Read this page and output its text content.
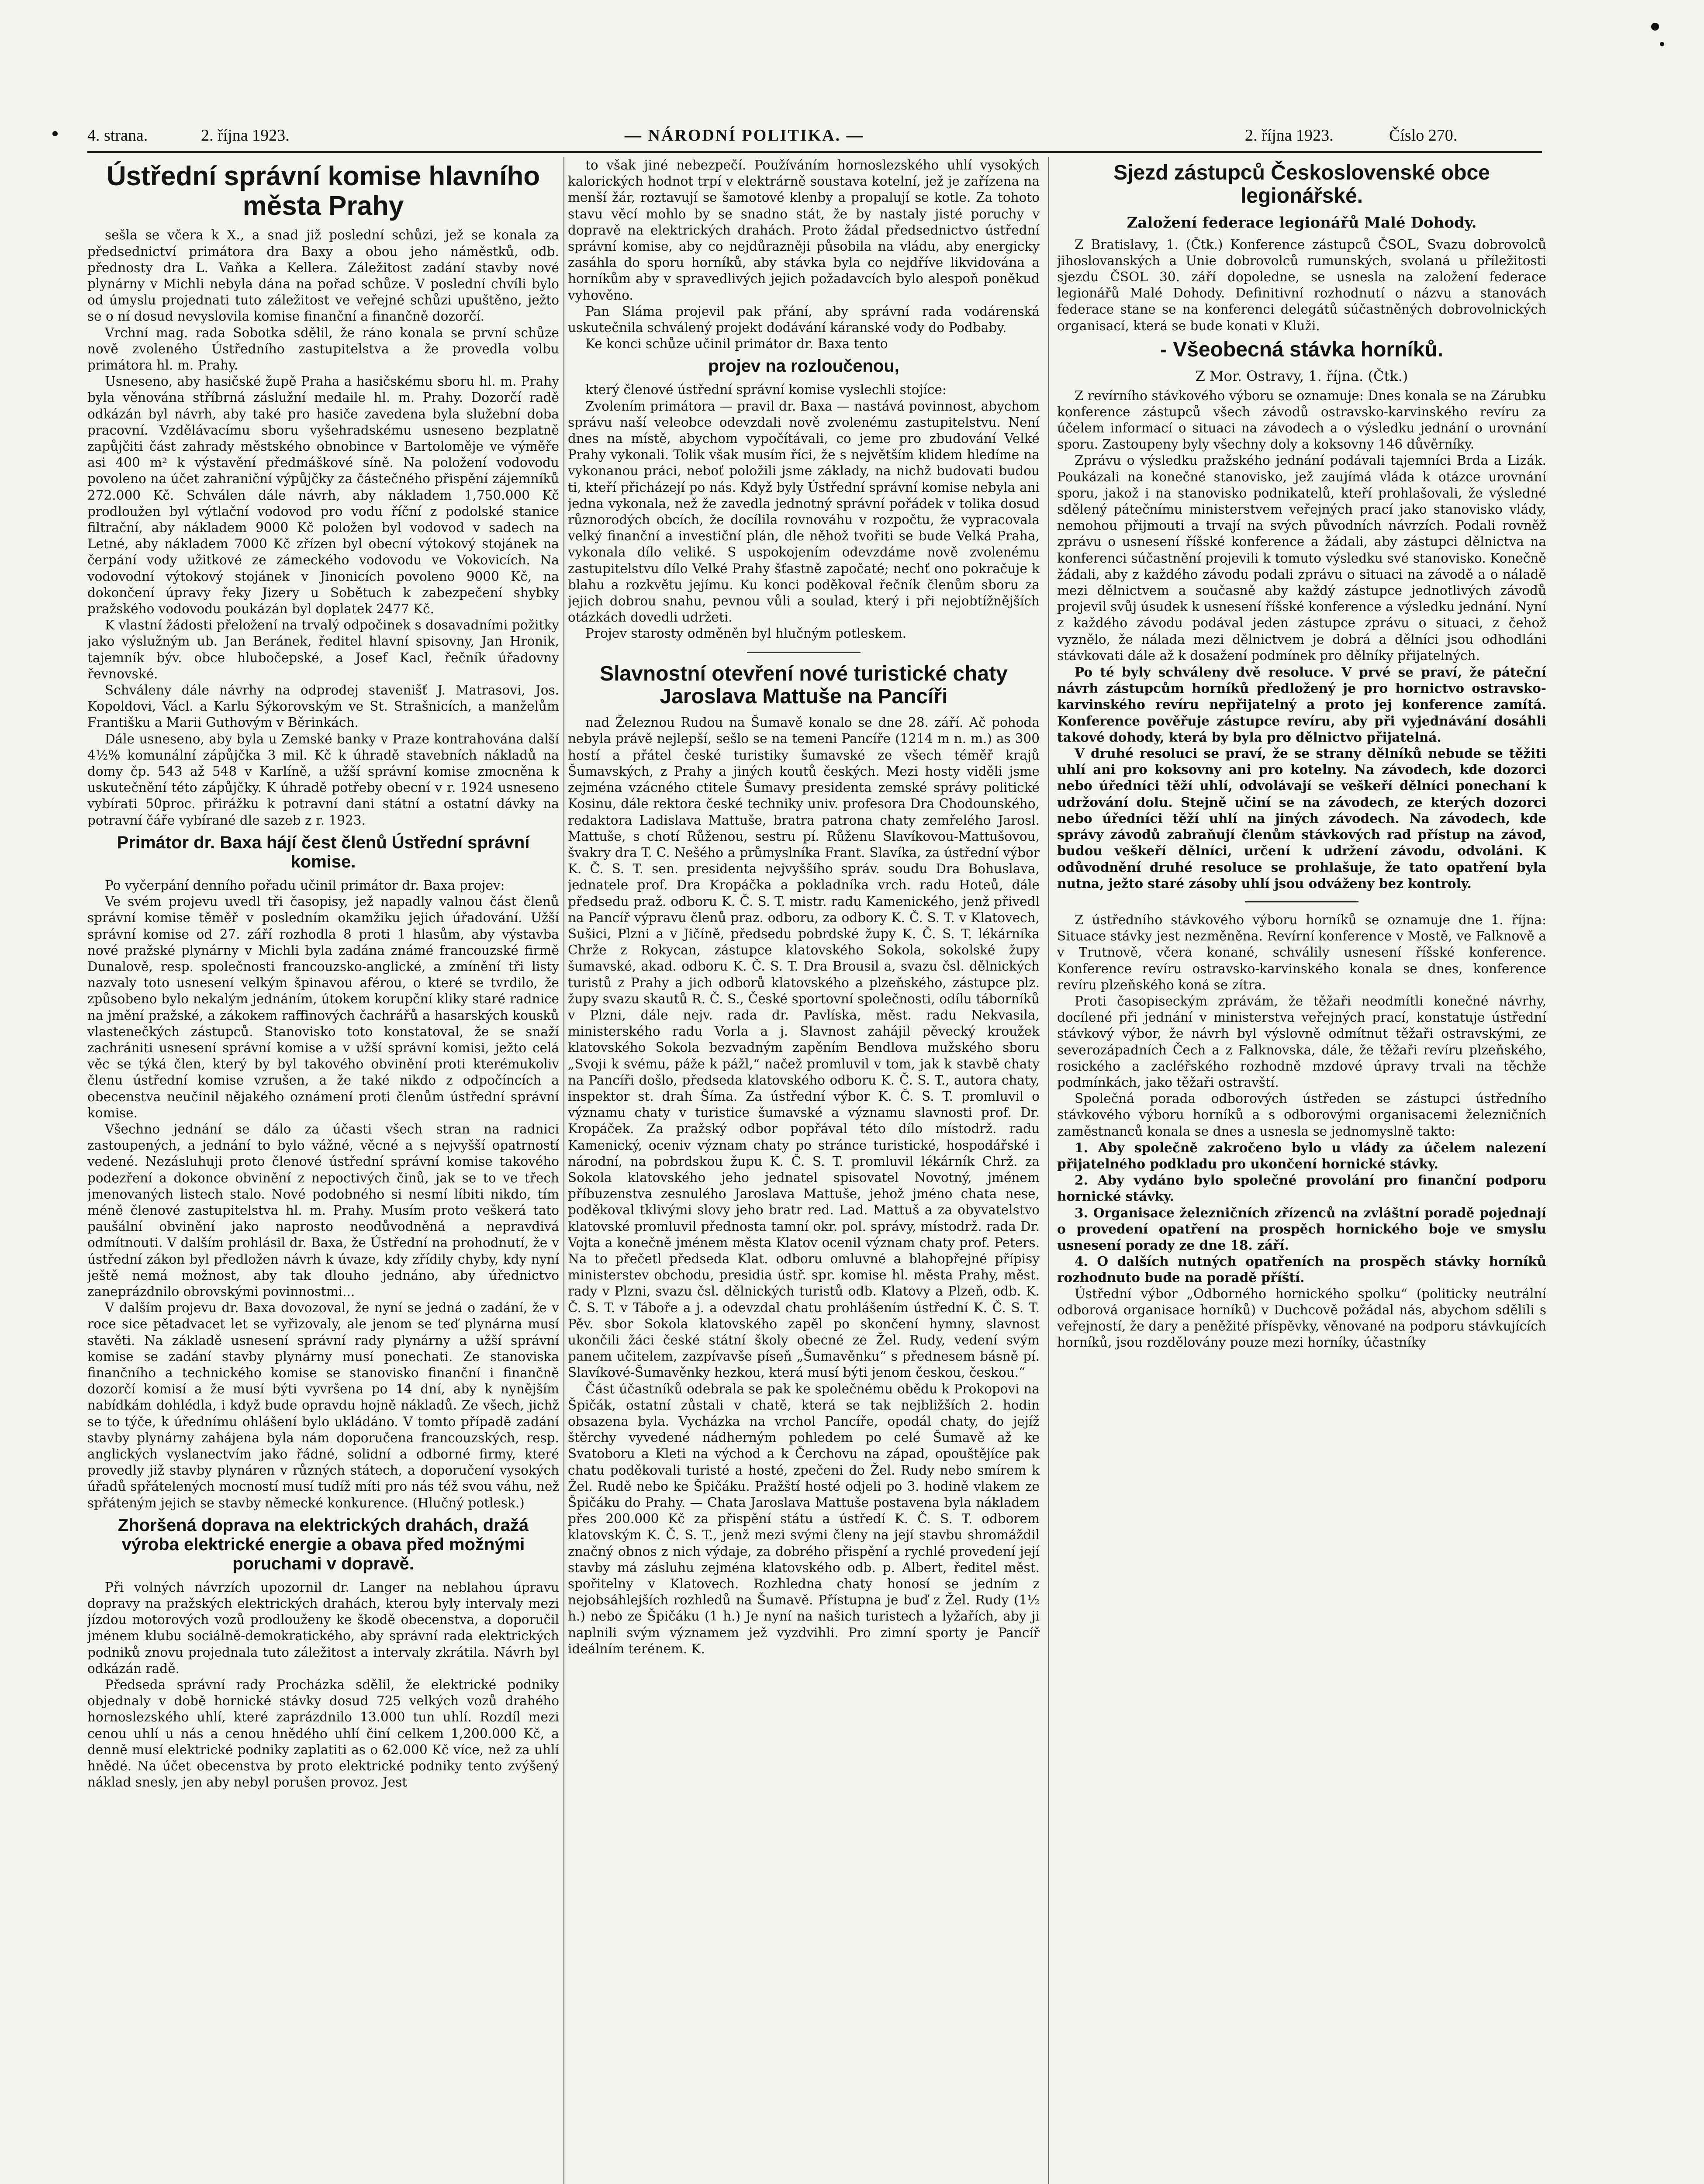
4. strana.	2. října 1923.	— NÁRODNÍ POLITIKA. —	2. října 1923.	Číslo 270.
Ústřední správní komise hlavního města Prahy

sešla se včera k X., a snad již poslední schůzi, jež se konala za předsednictví primátora dra Baxy a obou jeho náměstků, odb. přednosty dra L. Vaňka a Kellera. Záležitost zadání stavby nové plynárny v Michli nebyla dána na pořad schůze. V poslední chvíli bylo od úmyslu projednati tuto záležitost ve veřejné schůzi upuštěno, ježto se o ní dosud nevyslovila komise finanční a finančně dozorčí.

Vrchní mag. rada Sobotka sdělil, že ráno konala se první schůze nově zvoleného Ústředního zastupitelstva a že provedla volbu primátora hl. m. Prahy.

Usneseno, aby hasičské župě Praha a hasičskému sboru hl. m. Prahy byla věnována stříbrná záslužní medaile hl. m. Prahy. Dozorčí radě odkázán byl návrh, aby také pro hasiče zavedena byla služební doba pracovní. Vzdělávacímu sboru vyšehradskému usneseno bezplatně zapůjčiti část zahrady městského obnobince v Bartoloměje ve výměře asi 400 m² k výstavění předmáškové síně. Na položení vodovodu povoleno na účet zahraniční výpůjčky za částečného přispění zájemníků 272.000 Kč. Schválen dále návrh, aby nákladem 1,750.000 Kč prodloužen byl výtlační vodovod pro vodu říční z podolské stanice filtrační, aby nákladem 9000 Kč položen byl vodovod v sadech na Letné, aby nákladem 7000 Kč zřízen byl obecní výtokový stojánek na čerpání vody užitkové ze zámeckého vodovodu ve Vokovicích. Na vodovodní výtokový stojánek v Jinonicích povoleno 9000 Kč, na dokončení úpravy řeky Jizery u Sobětuch k zabezpečení shybky pražského vodovodu poukázán byl doplatek 2477 Kč.

K vlastní žádosti přeložení na trvalý odpočinek s dosavadními požitky jako výslužným ub. Jan Beránek, ředitel hlavní spisovny, Jan Hronik, tajemník býv. obce hlubočepské, a Josef Kacl, řečník úřadovny řevnovské.

Schváleny dále návrhy na odprodej stavenišť J. Matrasovi, Jos. Kopoldovi, Václ. a Karlu Sýkorovským ve St. Strašnicích, a manželům Františku a Marii Guthovým v Běrinkách.

Dále usneseno, aby byla u Zemské banky v Praze kontrahována další 4½% komunální zápůjčka 3 mil. Kč k úhradě stavebních nákladů na domy čp. 543 až 548 v Karlíně, a užší správní komise zmocněna k uskutečnění této zápůjčky. K úhradě potřeby obecní v r. 1924 usneseno vybírati 50proc. přirážku k potravní dani státní a ostatní dávky na potravní čáře vybírané dle sazeb z r. 1923.

Primátor dr. Baxa hájí čest členů Ústřední správní komise.

Po vyčerpání denního pořadu učinil primátor dr. Baxa projev:

Ve svém projevu uvedl tři časopisy, jež napadly valnou část členů správní komise těměř v posledním okamžiku jejich úřadování. Užší správní komise od 27. září rozhodla 8 proti 1 hlasům, aby výstavba nové pražské plynárny v Michli byla zadána známé francouzské firmě Dunalově, resp. společnosti francouzsko-anglické, a zmínění tři listy nazvaly toto usnesení velkým špinavou aférou, o které se tvrdilo, že způsobeno bylo nekalým jednáním, útokem korupční kliky staré radnice na jmění pražské, a zákokem raffinových čachrářů a hasarských kousků vlastenečkých zástupců. Stanovisko toto konstatoval, že se snaží zachrániti usnesení správní komise a v užší správní komisi, ježto celá věc se týká člen, který by byl takového obvinění proti kterémukoliv členu ústřední komise vzrušen, a že také nikdo z odpočíncích a obecenstva neučinil nějakého oznámení proti členům ústřední správní komise.

Všechno jednání se dálo za účasti všech stran na radnici zastoupených, a jednání to bylo vážné, věcné a s nejvyšší opatrností vedené. Nezásluhuji proto členové ústřední správní komise takového podezření a dokonce obvinění z nepoctivých činů, jak se to ve třech jmenovaných listech stalo. Nové podobného si nesmí líbiti nikdo, tím méně členové zastupitelstva hl. m. Prahy. Musím proto veškerá tato paušální obvinění jako naprosto neodůvodněná a nepravdivá odmítnouti. V dalším prohlásil dr. Baxa, že Ústřední na prohodnutí, že v ústřední zákon byl předložen návrh k úvaze, kdy zřídily chyby, kdy nyní ještě nemá možnost, aby tak dlouho jednáno, aby úřednictvo zaneprázdnilo obrovskými povinnostmi...

V dalším projevu dr. Baxa dovozoval, že nyní se jedná o zadání, že v roce sice pětadvacet let se vyřizovaly, ale jenom se teď plynárna musí stavěti. Na základě usnesení správní rady plynárny a užší správní komise se zadání stavby plynárny musí ponechati. Ze stanoviska finančního a technického komise se stanovisko finanční i finančně dozorčí komisí a že musí býti vyvršena po 14 dní, aby k nynějším nabídkám dohlédla, i když bude opravdu hojně nákladů. Ze všech, jichž se to týče, k úřednímu ohlášení bylo ukládáno. V tomto případě zadání stavby plynárny zahájena byla nám doporučena francouzských, resp. anglických vyslanectvím jako řádné, solidní a odborné firmy, které provedly již stavby plynáren v různých státech, a doporučení vysokých úřadů spřátelených mocností musí tudíž míti pro nás též svou váhu, než spřáteným jejich se stavby německé konkurence. (Hlučný potlesk.)

Zhoršená doprava na elektrických drahách, dražá výroba elektrické energie a obava před možnými poruchami v dopravě.

Při volných návrzích upozornil dr. Langer na neblahou úpravu dopravy na pražských elektrických drahách, kterou byly intervaly mezi jízdou motorových vozů prodlouženy ke škodě obecenstva, a doporučil jménem klubu sociálně-demokratického, aby správní rada elektrických podniků znovu projednala tuto záležitost a intervaly zkrátila. Návrh byl odkázán radě.

Předseda správní rady Procházka sdělil, že elektrické podniky objednaly v době hornické stávky dosud 725 velkých vozů drahého hornoslezského uhlí, které zaprázdnilo 13.000 tun uhlí. Rozdíl mezi cenou uhlí u nás a cenou hnědého uhlí činí celkem 1,200.000 Kč, a denně musí elektrické podniky zaplatiti as o 62.000 Kč více, než za uhlí hnědé. Na účet obecenstva by proto elektrické podniky tento zvýšený náklad snesly, jen aby nebyl porušen provoz. Jest

to však jiné nebezpečí. Používáním hornoslezského uhlí vysokých kalorických hodnot trpí v elektrárně soustava kotelní, jež je zařízena na menší žár, roztavují se šamotové klenby a propalují se kotle. Za tohoto stavu věcí mohlo by se snadno stát, že by nastaly jisté poruchy v dopravě na elektrických drahách. Proto žádal předsednictvo ústřední správní komise, aby co nejdůrazněji působila na vládu, aby energicky zasáhla do sporu horníků, aby stávka byla co nejdříve likvidována a horníkům aby v spravedlivých jejich požadavcích bylo alespoň poněkud vyhověno.

Pan Sláma projevil pak přání, aby správní rada vodárenská uskutečnila schválený projekt dodávání káranské vody do Podbaby.

Ke konci schůze učinil primátor dr. Baxa tento

projev na rozloučenou,

který členové ústřední správní komise vyslechli stojíce:

Zvolením primátora — pravil dr. Baxa — nastává povinnost, abychom správu naší veleobce odevzdali nově zvolenému zastupitelstvu. Není dnes na místě, abychom vypočítávali, co jeme pro zbudování Velké Prahy vykonali. Tolik však musím říci, že s největším klidem hledíme na vykonanou práci, neboť položili jsme základy, na nichž budovati budou ti, kteří přicházejí po nás. Když byly Ústřední správní komise nebyla ani jedna vykonala, než že zavedla jednotný správní pořádek v tolika dosud různorodých obcích, že docílila rovnováhu v rozpočtu, že vypracovala velký finanční a investiční plán, dle něhož tvořiti se bude Velká Praha, vykonala dílo veliké. S uspokojením odevzdáme nově zvolenému zastupitelstvu dílo Velké Prahy šťastně započaté; nechť ono pokračuje k blahu a rozkvětu jejímu. Ku konci poděkoval řečník členům sboru za jejich dobrou snahu, pevnou vůli a soulad, který i při nejobtížnějších otázkách dovedli udržeti.

Projev starosty odměněn byl hlučným potleskem.

Slavnostní otevření nové turistické chaty Jaroslava Mattuše na Pancíři

nad Železnou Rudou na Šumavě konalo se dne 28. září. Ač pohoda nebyla právě nejlepší, sešlo se na temeni Pancíře (1214 m n. m.) as 300 hostí a přátel české turistiky šumavské ze všech téměř krajů Šumavských, z Prahy a jiných koutů českých. Mezi hosty viděli jsme zejména vzácného ctitele Šumavy presidenta zemské správy politické Kosinu, dále rektora české techniky univ. profesora Dra Chodounského, redaktora Ladislava Mattuše, bratra patrona chaty zemřelého Jarosl. Mattuše, s chotí Růženou, sestru pí. Růženu Slavíkovou-Mattušovou, švakry dra T. C. Nešého a průmyslníka Frant. Slavíka, za ústřední výbor K. Č. S. T. sen. presidenta nejvyššího správ. soudu Dra Bohuslava, jednatele prof. Dra Kropáčka a pokladníka vrch. radu Hoteů, dále předsedu praž. odboru K. Č. S. T. mistr. radu Kamenického, jenž přivedl na Pancíř výpravu členů praz. odboru, za odbory K. Č. S. T. v Klatovech, Sušici, Plzni a v Jičíně, předsedu pobrdské župy K. Č. S. T. lékárníka Chrže z Rokycan, zástupce klatovského Sokola, sokolské župy šumavské, akad. odboru K. Č. S. T. Dra Brousil a, svazu čsl. dělnických turistů z Prahy a jich odborů klatovského a plzeňského, zástupce plz. župy svazu skautů R. Č. S., České sportovní společnosti, odílu táborníků v Plzni, dále nejv. rada dr. Pavlíska, měst. radu Nekvasila, ministerského radu Vorla a j. Slavnost zahájil pěvecký kroužek klatovského Sokola bezvadným zapěním Bendlova mužského sboru „Svoji k svému, páže k pážl,“ načež promluvil v tom, jak k stavbě chaty na Pancíři došlo, předseda klatovského odboru K. Č. S. T., autora chaty, inspektor st. drah Šíma. Za ústřední výbor K. Č. S. T. promluvil o významu chaty v turistice šumavské a významu slavnosti prof. Dr. Kropáček. Za pražský odbor popřával této dílo místodrž. radu Kamenický, oceniv význam chaty po stránce turistické, hospodářské i národní, na pobrdskou župu K. Č. S. T. promluvil lékárník Chrž. za Sokola klatovského jeho jednatel spisovatel Novotný, jménem příbuzenstva zesnulého Jaroslava Mattuše, jehož jméno chata nese, poděkoval tklivými slovy jeho bratr red. Lad. Mattuš a za obyvatelstvo klatovské promluvil přednosta tamní okr. pol. správy, místodrž. rada Dr. Vojta a konečně jménem města Klatov ocenil význam chaty prof. Peters. Na to přečetl předseda Klat. odboru omluvné a blahopřejné přípisy ministerstev obchodu, presidia ústř. spr. komise hl. města Prahy, měst. rady v Plzni, svazu čsl. dělnických turistů odb. Klatovy a Plzeň, odb. K. Č. S. T. v Táboře a j. a odevzdal chatu prohlášením ústřední K. Č. S. T. Pěv. sbor Sokola klatovského zapěl po skončení hymny, slavnost ukončili žáci české státní školy obecné ze Žel. Rudy, vedení svým panem učitelem, zazpívavše píseň „Šumavěnku“ s přednesem básně pí. Slavíkové-Šumavěnky hezkou, která musí býti jenom českou, českou.“

Část účastníků odebrala se pak ke společnému obědu k Prokopovi na Špičák, ostatní zůstali v chatě, která se tak nejbližších 2. hodin obsazena byla. Vycházka na vrchol Pancíře, opodál chaty, do jejíž štěrchy vyvedené nádherným pohledem po celé Šumavě až ke Svatoboru a Kleti na východ a k Čerchovu na západ, opouštějíce pak chatu poděkovali turisté a hosté, zpečeni do Žel. Rudy nebo smírem k Žel. Rudě nebo ke Špičáku. Pražští hosté odjeli po 3. hodině vlakem ze Špičáku do Prahy. — Chata Jaroslava Mattuše postavena byla nákladem přes 200.000 Kč za přispění státu a ústředí K. Č. S. T. odborem klatovským K. Č. S. T., jenž mezi svými členy na její stavbu shromáždil značný obnos z nich výdaje, za dobrého přispění a rychlé provedení její stavby má zásluhu zejména klatovského odb. p. Albert, ředitel měst. spořitelny v Klatovech. Rozhledna chaty honosí se jedním z nejobsáhlejších rozhledů na Šumavě. Přístupna je buď z Žel. Rudy (1½ h.) nebo ze Špičáku (1 h.) Je nyní na našich turistech a lyžařích, aby ji naplnili svým významem jež vyzdvihli. Pro zimní sporty je Pancíř ideálním terénem. K.

Sjezd zástupců Československé obce legionářské.
Založení federace legionářů Malé Dohody.

Z Bratislavy, 1. (Čtk.) Konference zástupců ČSOL, Svazu dobrovolců jihoslovanských a Unie dobrovolců rumunských, svolaná u příležitosti sjezdu ČSOL 30. září dopoledne, se usnesla na založení federace legionářů Malé Dohody. Definitivní rozhodnutí o názvu a stanovách federace stane se na konferenci delegátů súčastněných dobrovolnických organisací, která se bude konati v Kluži.

- Všeobecná stávka horníků.
Z Mor. Ostravy, 1. října. (Čtk.)

Z revírního stávkového výboru se oznamuje: Dnes konala se na Zárubku konference zástupců všech závodů ostravsko-karvinského revíru za účelem informací o situaci na závodech a o výsledku jednání o urovnání sporu. Zastoupeny byly všechny doly a koksovny 146 důvěrníky.

Zprávu o výsledku pražského jednání podávali tajemníci Brda a Lizák. Poukázali na konečné stanovisko, jež zaujímá vláda k otázce urovnání sporu, jakož i na stanovisko podnikatelů, kteří prohlašovali, že výsledné sdělený pátečnímu ministerstvem veřejných prací jako stanovisko vlády, nemohou přijmouti a trvají na svých původních návrzích. Podali rovněž zprávu o usnesení říšské konference a žádali, aby zástupci dělnictva na konferenci súčastnění projevili k tomuto výsledku své stanovisko. Konečně žádali, aby z každého závodu podali zprávu o situaci na závodě a o náladě mezi dělnictvem a současně aby každý zástupce jednotlivých závodů projevil svůj úsudek k usnesení říšské konference a výsledku jednání. Nyní z každého závodu podával jeden zástupce zprávu o situaci, z čehož vyznělo, že nálada mezi dělnictvem je dobrá a dělníci jsou odhodláni stávkovati dále až k dosažení podmínek pro dělníky přijatelných.

Po té byly schváleny dvě resoluce. V prvé se praví, že páteční návrh zástupcům horníků předložený je pro hornictvo ostravsko-karvinského revíru nepřijatelný a proto jej konference zamítá. Konference pověřuje zástupce revíru, aby při vyjednávání dosáhli takové dohody, která by byla pro dělnictvo přijatelná.

V druhé resoluci se praví, že se strany dělníků nebude se těžiti uhlí ani pro koksovny ani pro kotelny. Na závodech, kde dozorci nebo úředníci těží uhlí, odvolávají se veškeří dělníci ponechaní k udržování dolu. Stejně učiní se na závodech, ze kterých dozorci nebo úředníci těží uhlí na jiných závodech. Na závodech, kde správy závodů zabraňují členům stávkových rad přístup na závod, budou veškeří dělníci, určení k udržení závodu, odvoláni. K odůvodnění druhé resoluce se prohlašuje, že tato opatření byla nutna, ježto staré zásoby uhlí jsou odváženy bez kontroly.

Z ústředního stávkového výboru horníků se oznamuje dne 1. října: Situace stávky jest nezměněna. Revírní konference v Mostě, ve Falknově a v Trutnově, včera konané, schválily usnesení říšské konference. Konference revíru ostravsko-karvinského konala se dnes, konference revíru plzeňského koná se zítra.

Proti časopiseckým zprávám, že těžaři neodmítli konečné návrhy, docílené při jednání v ministerstva veřejných prací, konstatuje ústřední stávkový výbor, že návrh byl výslovně odmítnut těžaři ostravskými, ze severozápadních Čech a z Falknovska, dále, že těžaři revíru plzeňského, rosického a zacléřského rozhodně mzdové úpravy trvali na těchže podmínkách, jako těžaři ostravští.

Společná porada odborových ústředen se zástupci ústředního stávkového výboru horníků a s odborovými organisacemi železničních zaměstnanců konala se dnes a usnesla se jednomyslně takto:

1. Aby společně zakročeno bylo u vlády za účelem nalezení přijatelného podkladu pro ukončení hornické stávky.

2. Aby vydáno bylo společné provolání pro finanční podporu hornické stávky.

3. Organisace železničních zřízenců na zvláštní poradě pojednají o provedení opatření na prospěch hornického boje ve smyslu usnesení porady ze dne 18. září.

4. O dalších nutných opatřeních na prospěch stávky horníků rozhodnuto bude na poradě příští.

Ústřední výbor „Odborného hornického spolku“ (politicky neutrální odborová organisace horníků) v Duchcově požádal nás, abychom sdělili s veřejností, že dary a peněžité příspěvky, věnované na podporu stávkujících horníků, jsou rozdělovány pouze mezi horníky, účastníky
